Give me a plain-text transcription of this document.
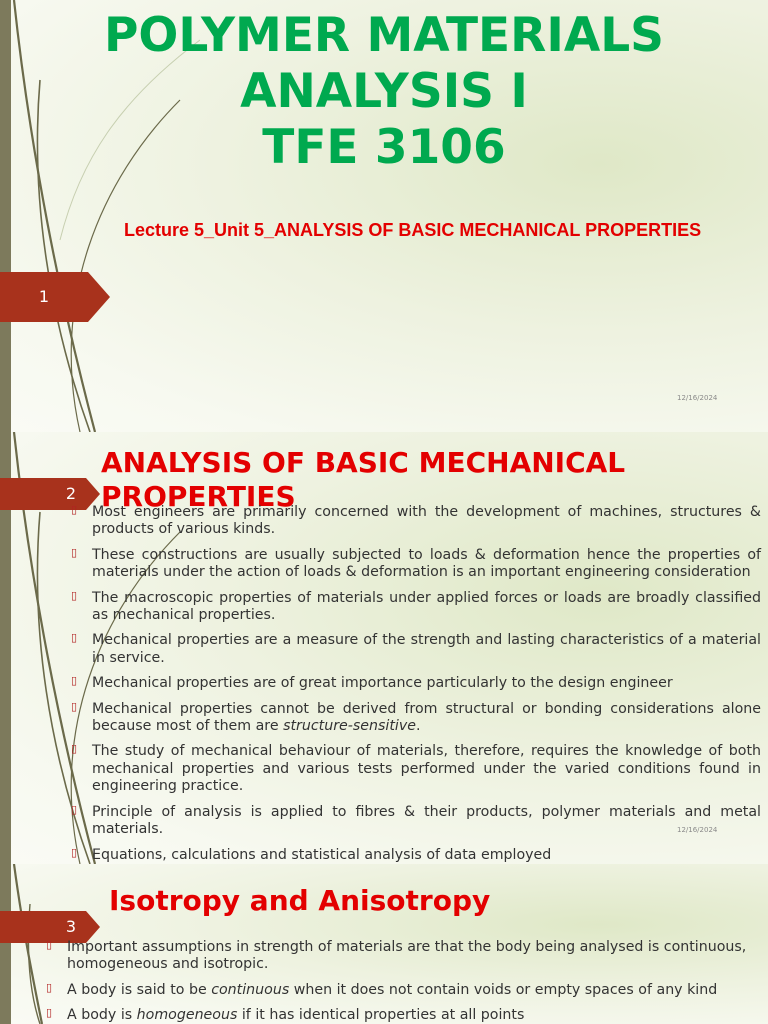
1
POLYMER MATERIALS
ANALYSIS I
TFE 3106
Lecture 5_Unit 5_ANALYSIS OF BASIC MECHANICAL PROPERTIES
12/16/2024
2
ANALYSIS OF BASIC MECHANICAL PROPERTIES
▯ Most engineers are primarily concerned with the development of machines, structures & products of various kinds.
▯ These constructions are usually subjected to loads & deformation hence the properties of materials under the action of loads & deformation is an important engineering consideration
▯ The macroscopic properties of materials under applied forces or loads are broadly classified as mechanical properties.
▯ Mechanical properties are a measure of the strength and lasting characteristics of a material in service.
▯ Mechanical properties are of great importance particularly to the design engineer
▯ Mechanical properties cannot be derived from structural or bonding considerations alone because most of them are structure-sensitive.
▯ The study of mechanical behaviour of materials, therefore, requires the knowledge of both mechanical properties and various tests performed under the varied conditions found in engineering practice.
▯ Principle of analysis is applied to fibres & their products, polymer materials and metal materials.
▯ Equations, calculations and statistical analysis of data employed
12/16/2024
3
Isotropy and Anisotropy
▯ Important assumptions in strength of materials are that the body being analysed is continuous, homogeneous and isotropic.
▯ A body is said to be continuous when it does not contain voids or empty spaces of any kind
▯ A body is homogeneous if it has identical properties at all points
